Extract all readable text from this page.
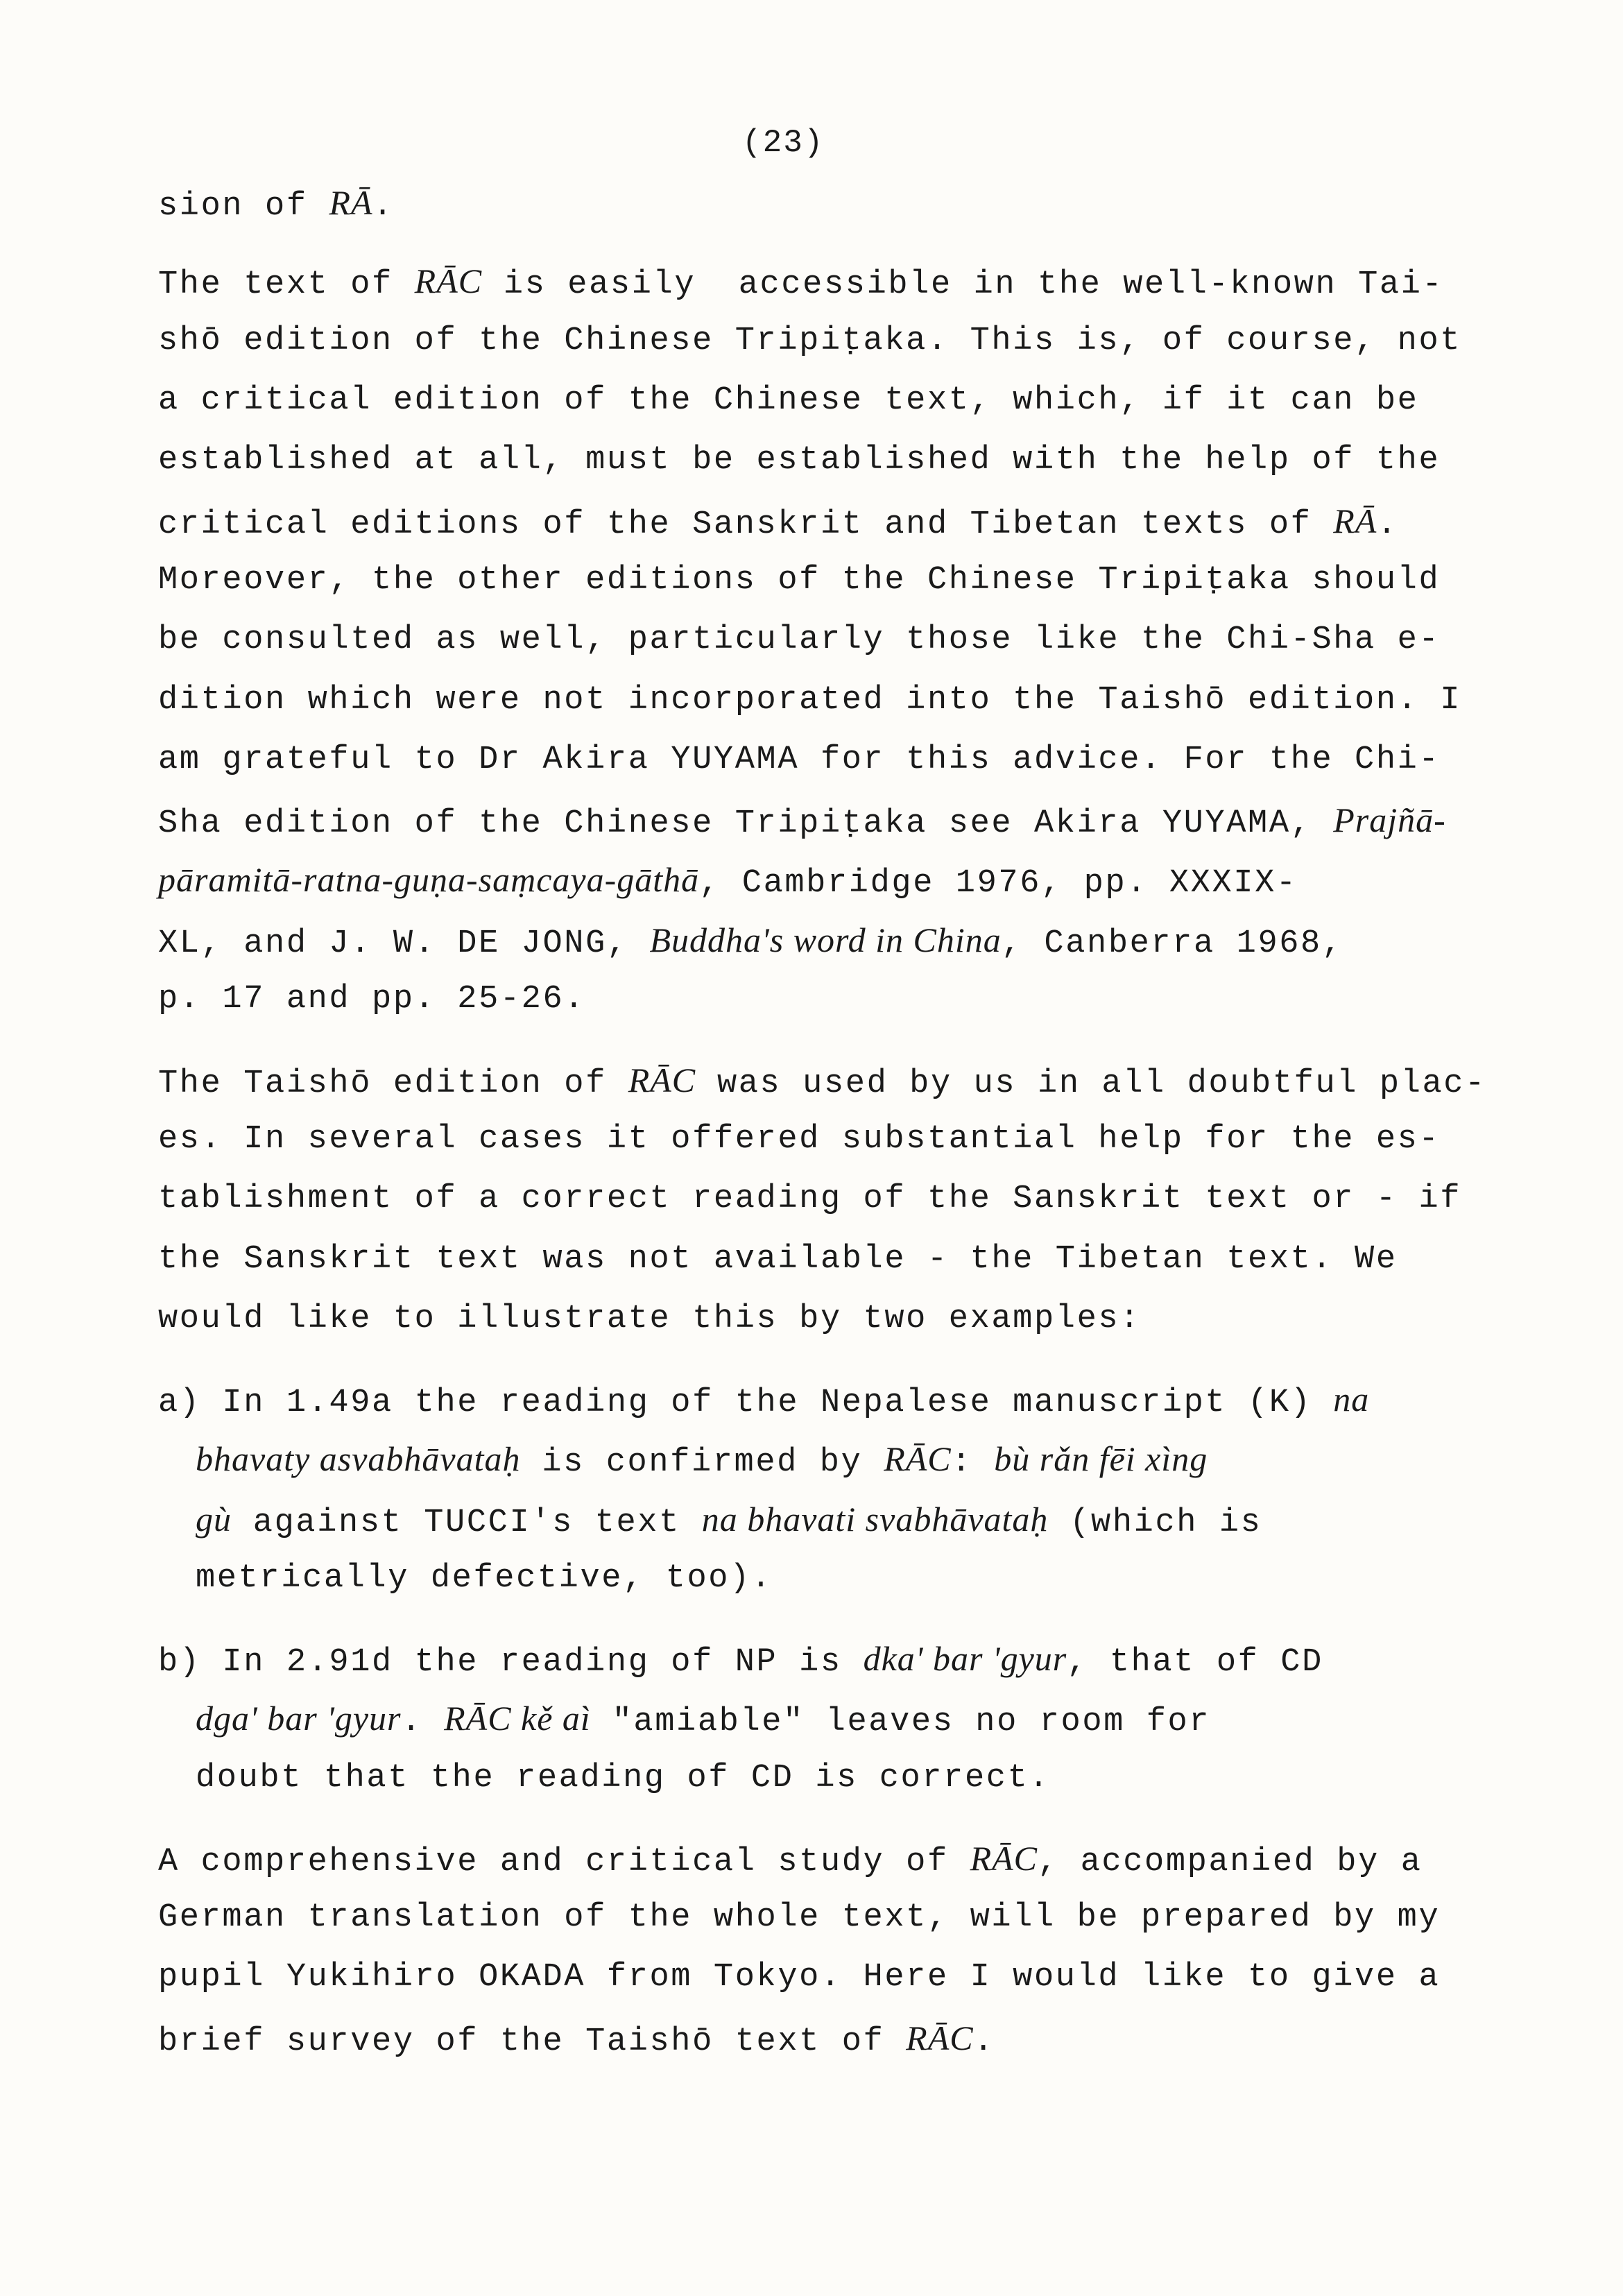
(23)
sion of RĀ.
The text of RĀC is easily  accessible in the well-known Tai-
shō edition of the Chinese Tripiṭaka. This is, of course, not
a critical edition of the Chinese text, which, if it can be
established at all, must be established with the help of the
critical editions of the Sanskrit and Tibetan texts of RĀ.
Moreover, the other editions of the Chinese Tripiṭaka should
be consulted as well, particularly those like the Chi-Sha e-
dition which were not incorporated into the Taishō edition. I
am grateful to Dr Akira YUYAMA for this advice. For the Chi-
Sha edition of the Chinese Tripiṭaka see Akira YUYAMA, Prajñā-
pāramitā-ratna-guṇa-saṃcaya-gāthā, Cambridge 1976, pp. XXXIX-
XL, and J. W. DE JONG, Buddha's word in China, Canberra 1968,
p. 17 and pp. 25-26.
The Taishō edition of RĀC was used by us in all doubtful plac-
es. In several cases it offered substantial help for the es-
tablishment of a correct reading of the Sanskrit text or - if
the Sanskrit text was not available - the Tibetan text. We
would like to illustrate this by two examples:
a) In 1.49a the reading of the Nepalese manuscript (K) na
bhavaty asvabhāvataḥ is confirmed by RĀC: bù rǎn fēi xìng
gù against TUCCI's text na bhavati svabhāvataḥ (which is
metrically defective, too).
b) In 2.91d the reading of NP is dka' bar 'gyur, that of CD
dga' bar 'gyur. RĀC kě aì "amiable" leaves no room for
doubt that the reading of CD is correct.
A comprehensive and critical study of RĀC, accompanied by a
German translation of the whole text, will be prepared by my
pupil Yukihiro OKADA from Tokyo. Here I would like to give a
brief survey of the Taishō text of RĀC.
